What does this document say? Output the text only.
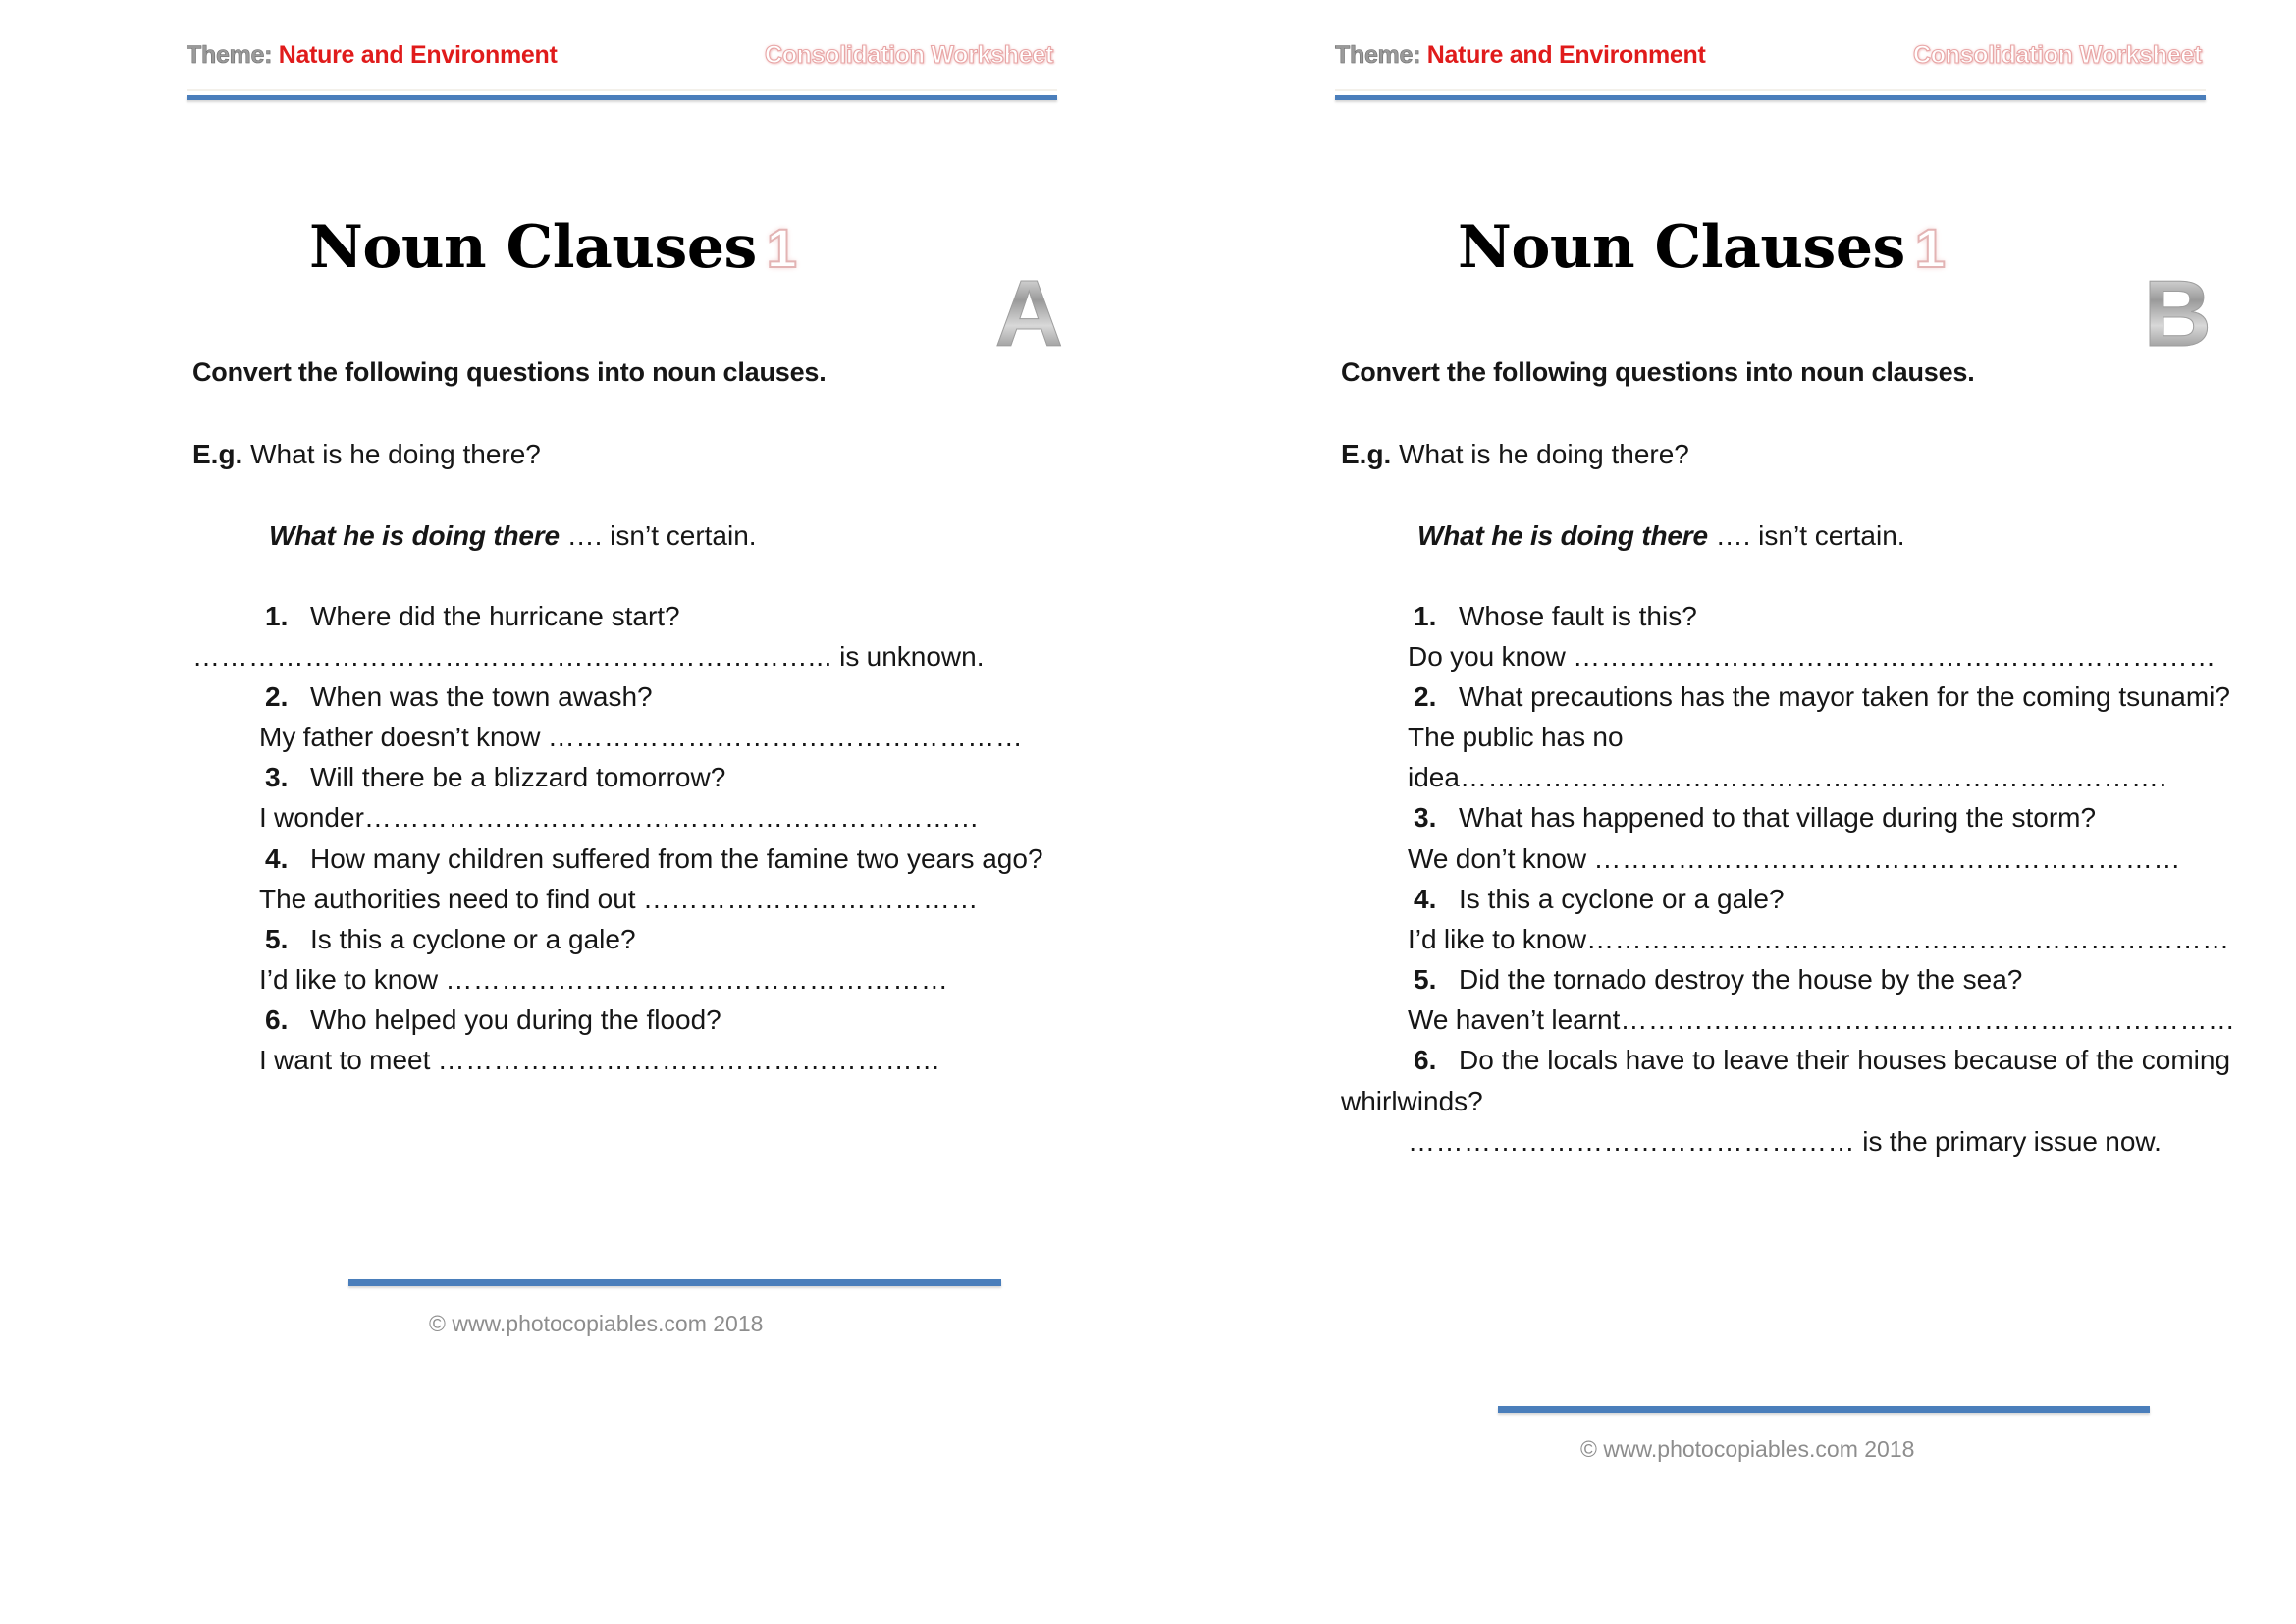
Theme: Nature and Environment	Consolidation Worksheet
Noun Clauses 1
A

Convert the following questions into noun clauses.

E.g. What is he doing there?

What he is doing there …. isn’t certain.

1. Where did the hurricane start?
…………………………………………………………... is unknown.
2. When was the town awash?
My father doesn’t know ……………………………………………
3. Will there be a blizzard tomorrow?
I wonder…………………………………………………………
4. How many children suffered from the famine two years ago?
The authorities need to find out ………………………………
5. Is this a cyclone or a gale?
I’d like to know ………………………………………………
6. Who helped you during the flood?
I want to meet ………………………………………………
© www.photocopiables.com 2018
Theme: Nature and Environment	Consolidation Worksheet
Noun Clauses 1
B

Convert the following questions into noun clauses.

E.g. What is he doing there?

What he is doing there …. isn’t certain.

1. Whose fault is this?
Do you know ……………………………………………………………
2. What precautions has the mayor taken for the coming tsunami?
The public has no idea………………………………………………………………….
3. What has happened to that village during the storm?
We don’t know ………………………………………………………
4. Is this a cyclone or a gale?
I’d like to know……………………………………………………………
5. Did the tornado destroy the house by the sea?
We haven’t learnt…………………………………………………………
6. Do the locals have to leave their houses because of the coming whirlwinds?
………………………………………… is the primary issue now.
© www.photocopiables.com 2018
